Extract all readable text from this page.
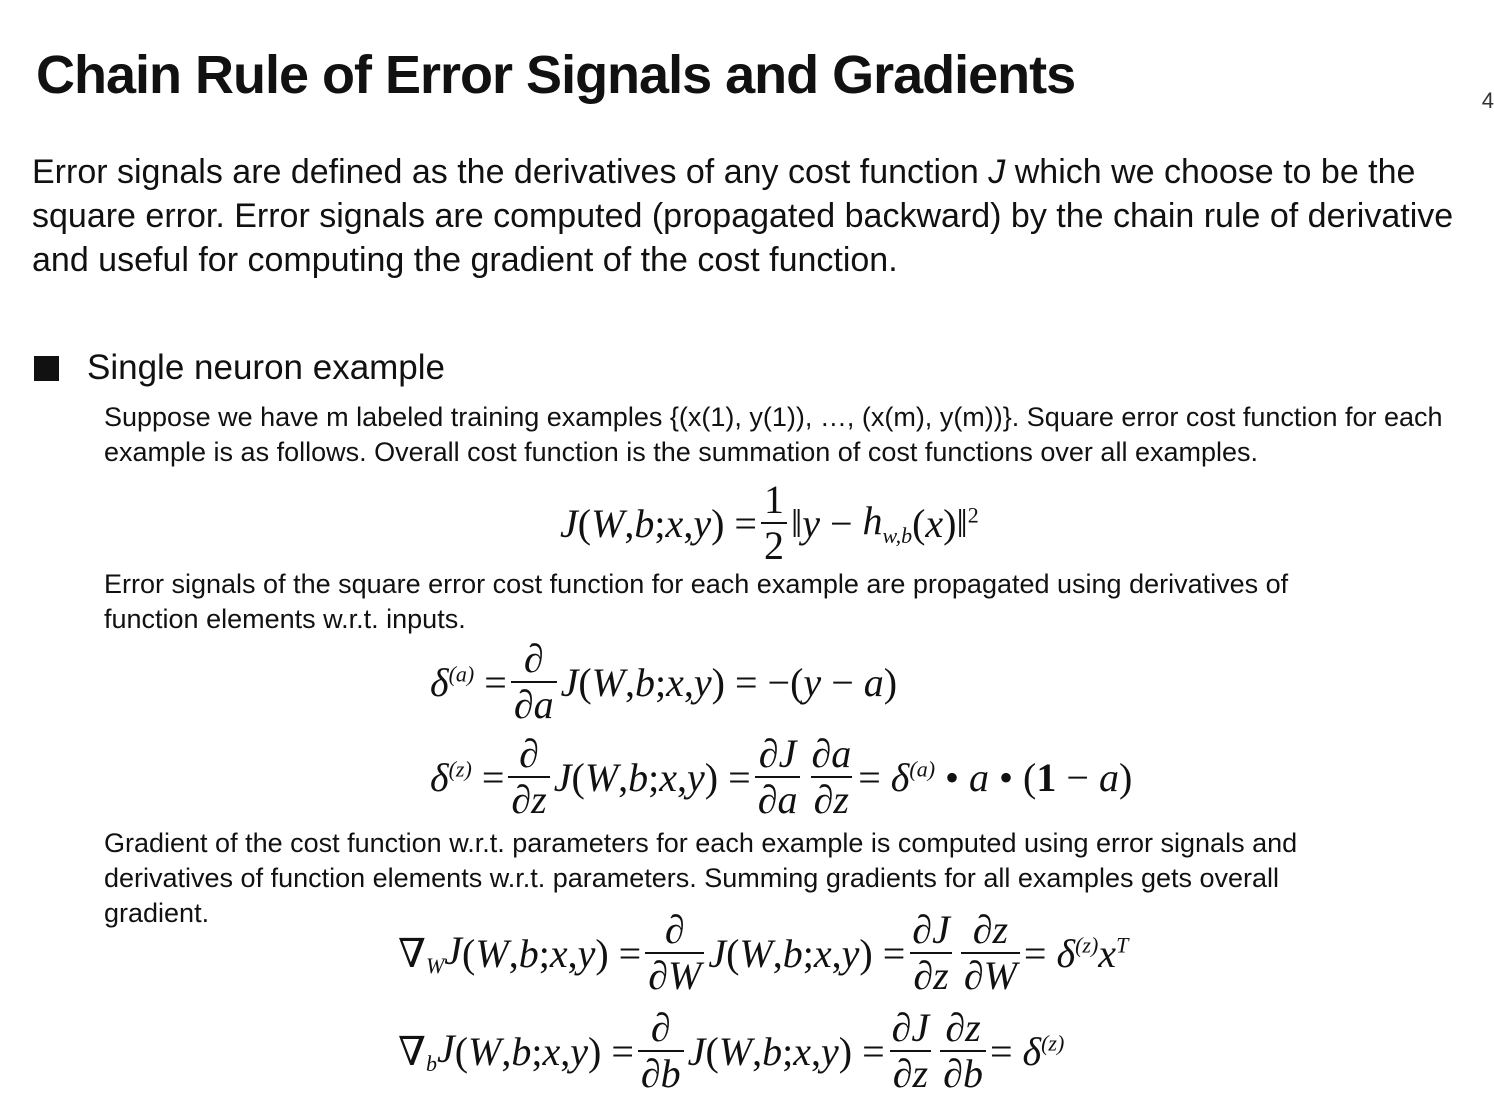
Chain Rule of Error Signals and Gradients	4
Error signals are defined as the derivatives of any cost function J which we choose to be the square error. Error signals are computed (propagated backward) by the chain rule of derivative and useful for computing the gradient of the cost function.
Single neuron example
Suppose we have m labeled training examples {(x(1), y(1)), …, (x(m), y(m))}. Square error cost function for each
example is as follows. Overall cost function is the summation of cost functions over all examples.
J ( W , b ; x , y ) = $\frac{1}{2}$ ‖ $y - h_{w,b}$ ( x )‖$^2$
Error signals of the square error cost function for each example are propagated using derivatives of
function elements w.r.t. inputs.
$\delta^{(a)} = \frac{\partial}{\partial a}$ J ( W , b ; x , y ) = −( y − a )
$\delta^{(z)} = \frac{\partial}{\partial z}$ J ( W , b ; x , y ) = $\frac{\partial J}{\partial a} \frac{\partial a}{\partial z} = \delta^{(a)}$ • a • (1 − a )
Gradient of the cost function w.r.t. parameters for each example is computed using error signals and
derivatives of function elements w.r.t. parameters. Summing gradients for all examples gets overall
gradient.
∇ $_W$J ( W , b ; x , y ) = $\frac{\partial}{\partial W}$ J ( W , b ; x , y ) = $\frac{\partial J}{\partial z} \frac{\partial z}{\partial W} = \delta^{(z)}x^T$
∇ $_b$J ( W , b ; x , y ) = $\frac{\partial}{\partial b}$ J ( W , b ; x , y ) = $\frac{\partial J}{\partial z} \frac{\partial z}{\partial b} = \delta^{(z)}$
